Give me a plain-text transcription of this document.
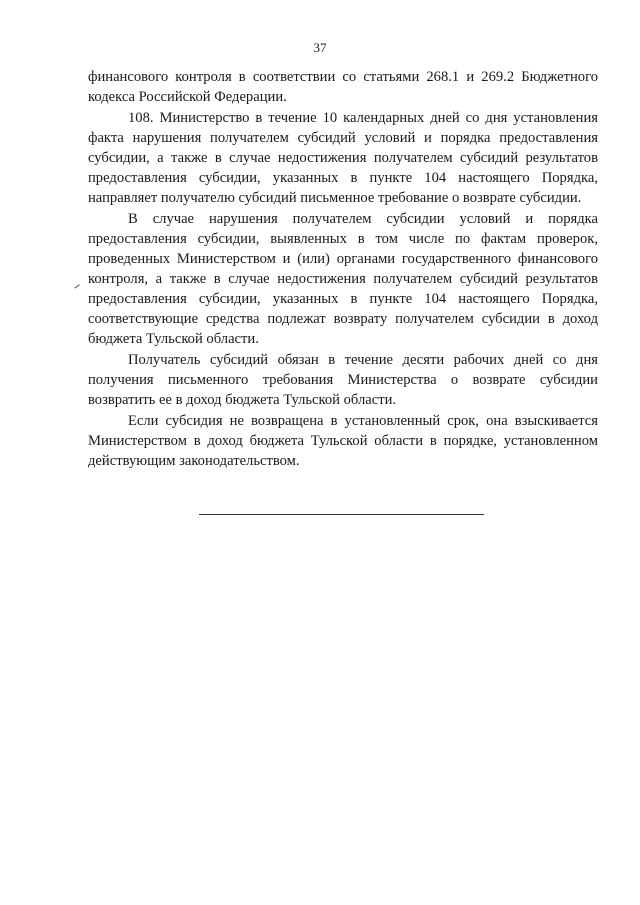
37

финансового контроля в соответствии со статьями 268.1 и 269.2 Бюджетного кодекса Российской Федерации.

108. Министерство в течение 10 календарных дней со дня установления факта нарушения получателем субсидий условий и порядка предоставления субсидии, а также в случае недостижения получателем субсидий результатов предоставления субсидии, указанных в пункте 104 настоящего Порядка, направляет получателю субсидий письменное требование о возврате субсидии.

В случае нарушения получателем субсидии условий и порядка предоставления субсидии, выявленных в том числе по фактам проверок, проведенных Министерством и (или) органами государственного финансового контроля, а также в случае недостижения получателем субсидий результатов предоставления субсидии, указанных в пункте 104 настоящего Порядка, соответствующие средства подлежат возврату получателем субсидии в доход бюджета Тульской области.

Получатель субсидий обязан в течение десяти рабочих дней со дня получения письменного требования Министерства о возврате субсидии возвратить ее в доход бюджета Тульской области.

Если субсидия не возвращена в установленный срок, она взыскивается Министерством в доход бюджета Тульской области в порядке, установленном действующим законодательством.
